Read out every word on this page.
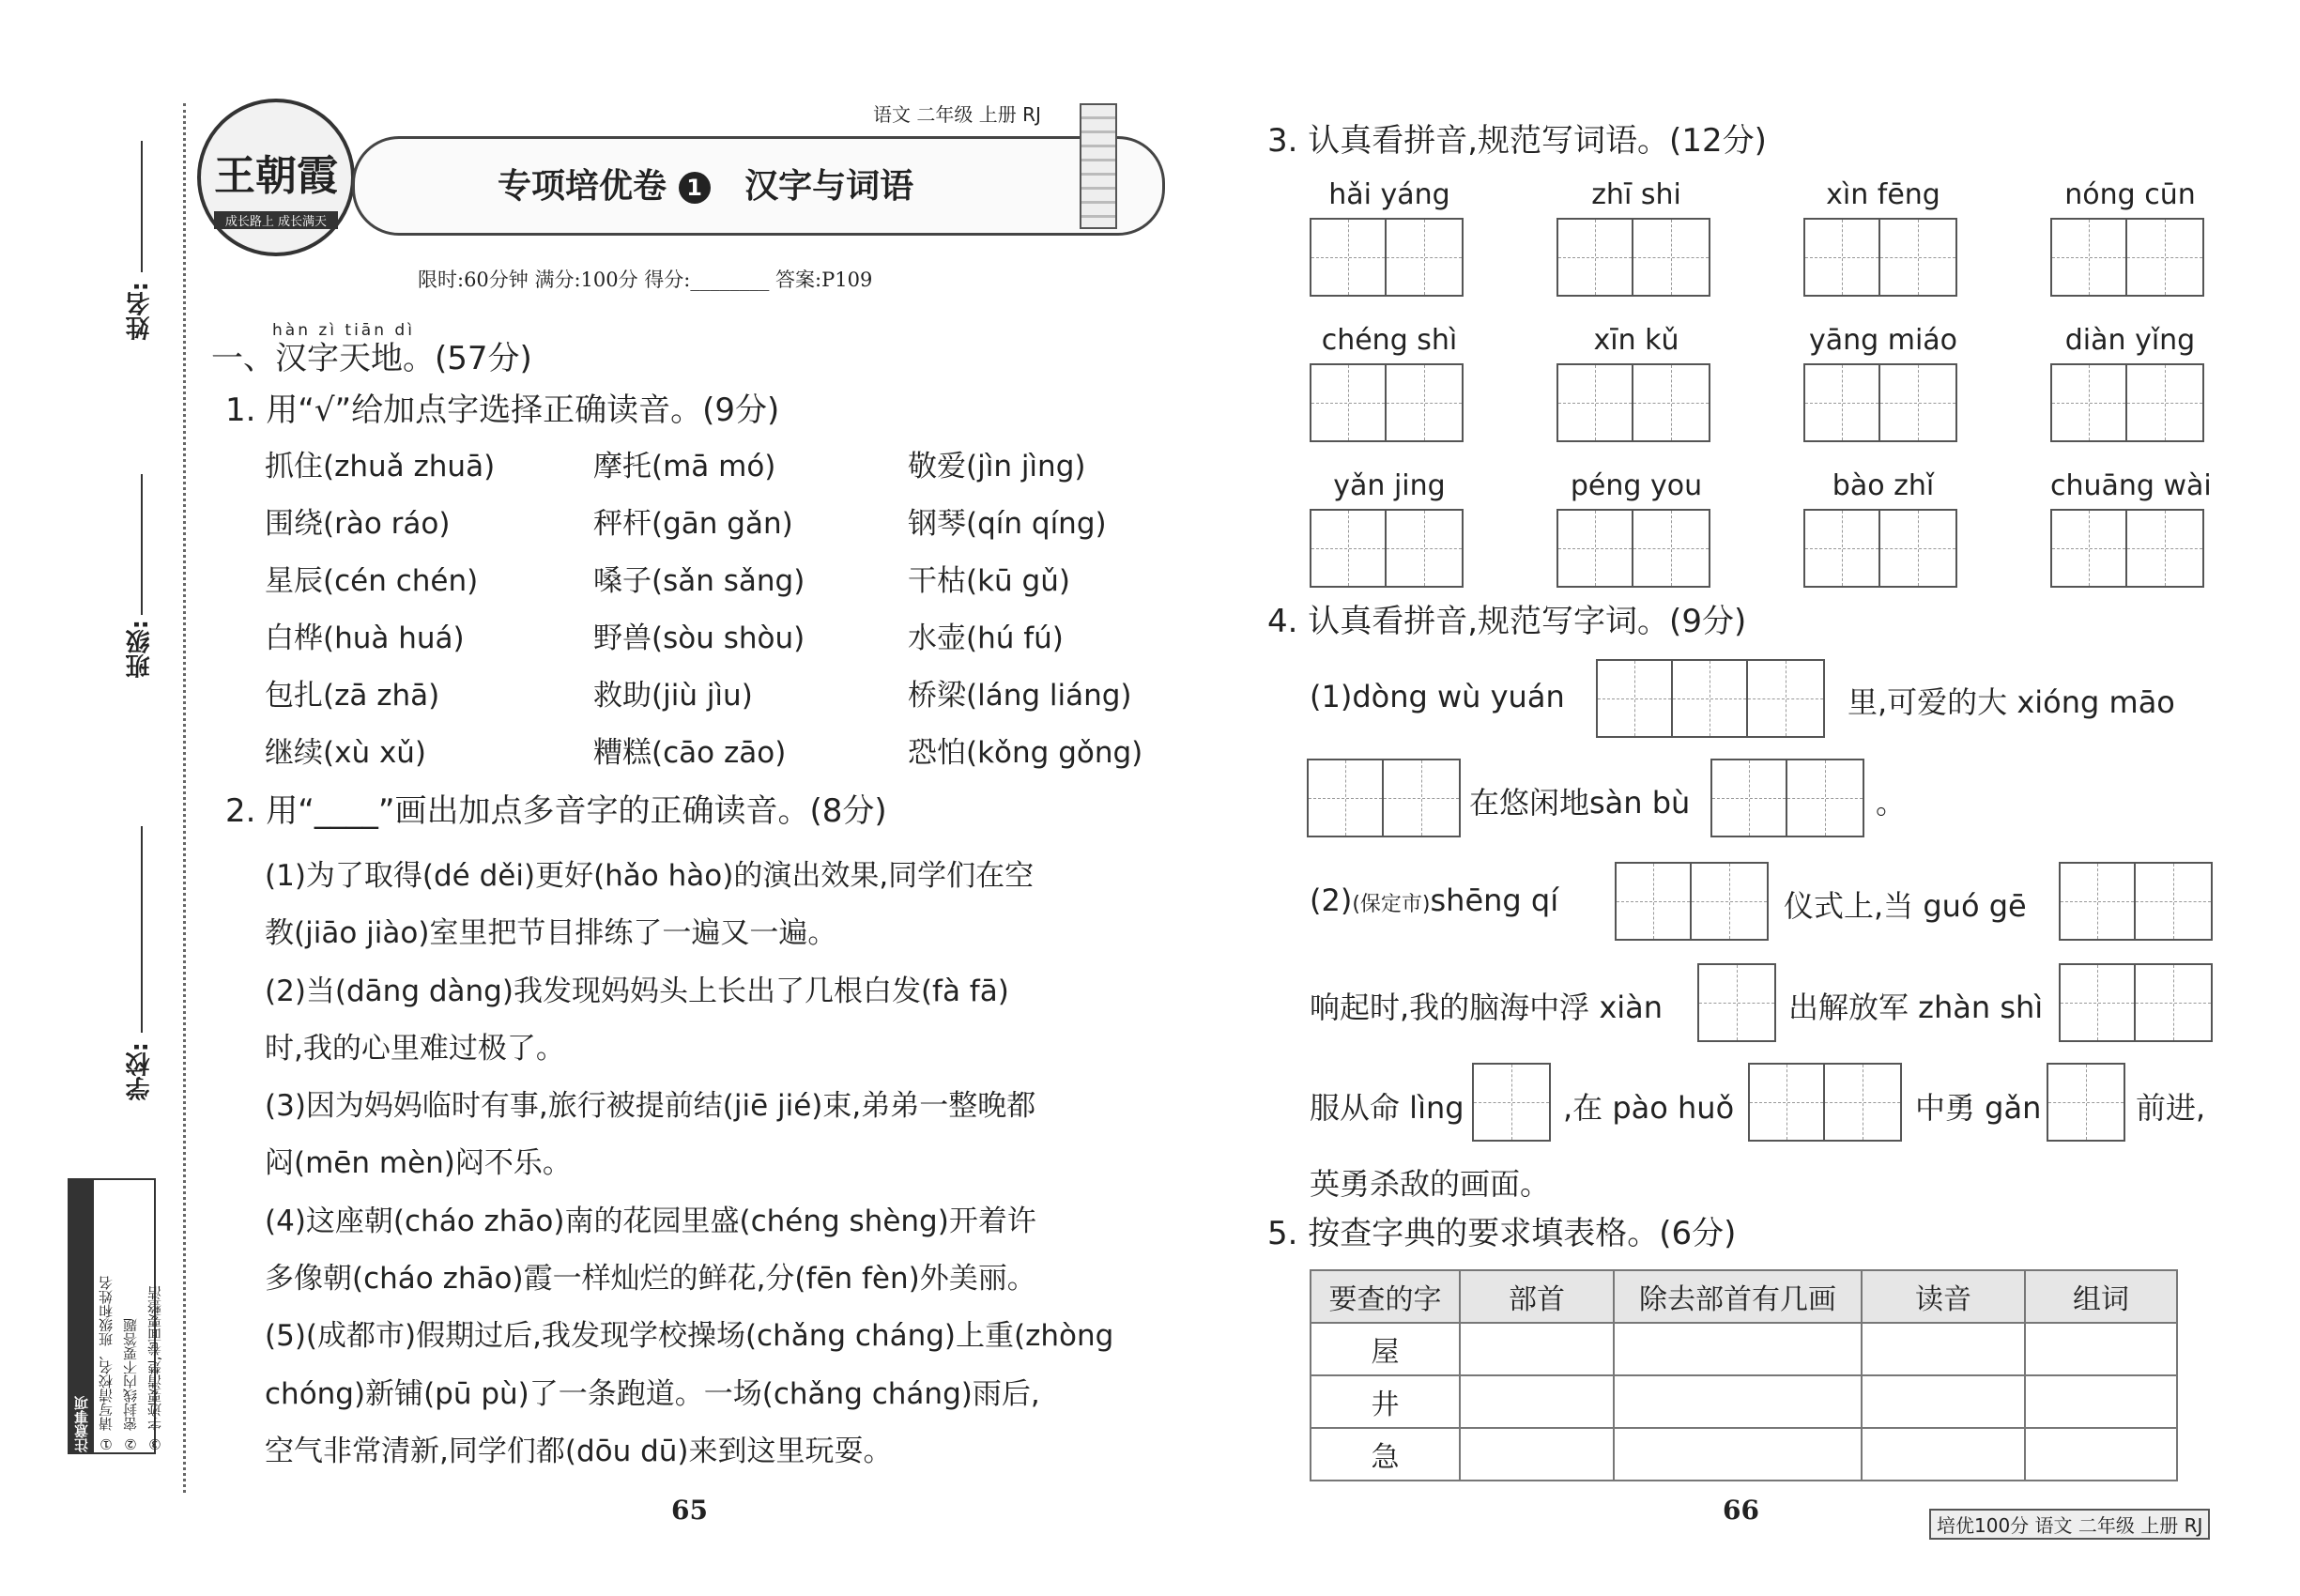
姓名:
班级:
学校:
注意事项 ① 请写清校名、班级和姓名 ② 密封线内不要答题 ③ 字迹要清楚,卷面要整洁
王朝霞
成长路上 成长满天
专项培优卷 1 汉字与词语
语文 二年级 上册 RJ
限时:60分钟 满分:100分 得分:________ 答案:P109
hàn zì tiān dì
一、汉字天地。(57分)
1. 用“√”给加点字选择正确读音。(9分)
抓住(zhuǎ zhuā)	摩托(mā mó)	敬爱(jìn jìng)
围绕(rào ráo)	秤杆(gān gǎn)	钢琴(qín qíng)
星辰(cén chén)	嗓子(sǎn sǎng)	干枯(kū gǔ)
白桦(huà huá)	野兽(sòu shòu)	水壶(hú fú)
包扎(zā zhā)	救助(jiù jìu)	桥梁(láng liáng)
继续(xù xǔ)	糟糕(cāo zāo)	恐怕(kǒng gǒng)
2. 用“____”画出加点多音字的正确读音。(8分)
(1)为了取得(dé děi)更好(hǎo hào)的演出效果,同学们在空
教(jiāo jiào)室里把节目排练了一遍又一遍。
(2)当(dāng dàng)我发现妈妈头上长出了几根白发(fà fā)
时,我的心里难过极了。
(3)因为妈妈临时有事,旅行被提前结(jiē jié)束,弟弟一整晚都
闷(mēn mèn)闷不乐。
(4)这座朝(cháo zhāo)南的花园里盛(chéng shèng)开着许
多像朝(cháo zhāo)霞一样灿烂的鲜花,分(fēn fèn)外美丽。
(5)(成都市)假期过后,我发现学校操场(chǎng cháng)上重(zhòng
chóng)新铺(pū pù)了一条跑道。一场(chǎng cháng)雨后,
空气非常清新,同学们都(dōu dū)来到这里玩耍。
65
3. 认真看拼音,规范写词语。(12分)
hǎi yáng	zhī shi	xìn fēng	nóng cūn
chéng shì	xīn kǔ	yāng miáo	diàn yǐng
yǎn jing	péng you	bào zhǐ	chuāng wài
4. 认真看拼音,规范写字词。(9分)
(1)dòng wù yuán	里,可爱的大 xióng māo
在悠闲地sàn bù	。
(2)(保定市)shēng qí	仪式上,当 guó gē
响起时,我的脑海中浮 xiàn	出解放军 zhàn shì
服从命 lìng	,在 pào huǒ	中勇 gǎn	前进,
英勇杀敌的画面。
5. 按查字典的要求填表格。(6分)
要查的字	部首	除去部首有几画	读音	组词
屋				
井				
急				
66	培优100分 语文 二年级 上册 RJ
